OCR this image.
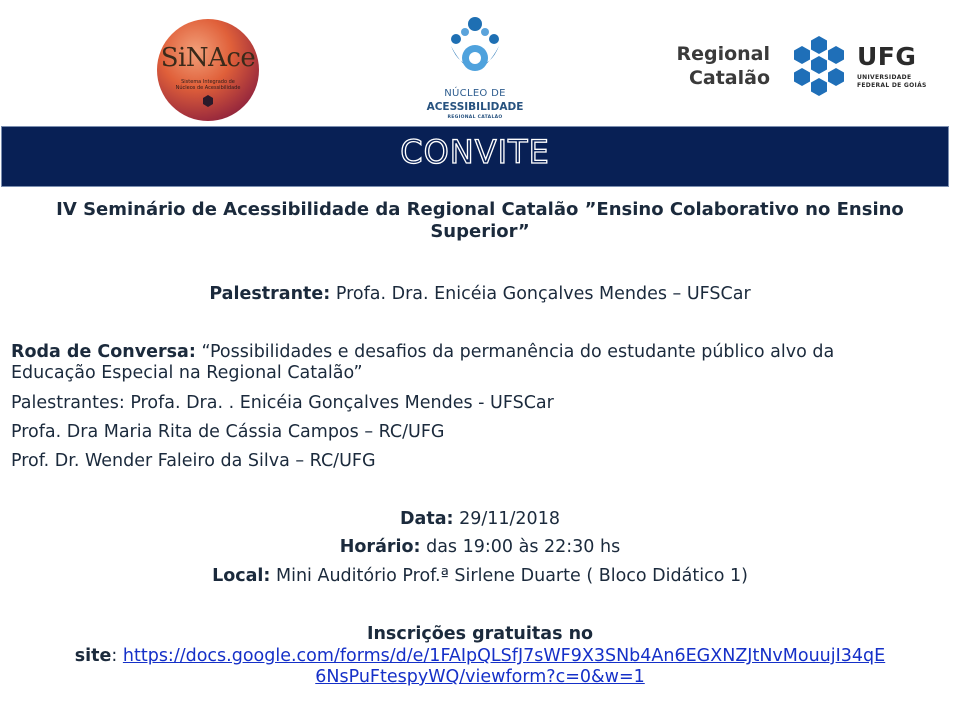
SiNAce
Sistema Integrado de Núcleos de Acessibilidade	NÚCLEO DE
ACESSIBILIDADE
REGIONAL CATALÃO
Regional
Catalão
UFG
UNIVERSIDADE
FEDERAL DE GOIÁS
CONVITE
IV Seminário de Acessibilidade da Regional Catalão ”Ensino Colaborativo no Ensino
Superior”
Palestrante: Profa. Dra. Enicéia Gonçalves Mendes – UFSCar
Roda de Conversa: “Possibilidades e desafios da permanência do estudante público alvo da
Educação Especial na Regional Catalão”
Palestrantes: Profa. Dra. . Enicéia Gonçalves Mendes - UFSCar
Profa. Dra Maria Rita de Cássia Campos – RC/UFG
Prof. Dr. Wender Faleiro da Silva – RC/UFG
Data: 29/11/2018
Horário: das 19:00 às 22:30 hs
Local: Mini Auditório Prof.ª Sirlene Duarte ( Bloco Didático 1)
Inscrições gratuitas no
site: https://docs.google.com/forms/d/e/1FAIpQLSfJ7sWF9X3SNb4An6EGXNZJtNvMouujI34qE
6NsPuFtespyWQ/viewform?c=0&w=1
